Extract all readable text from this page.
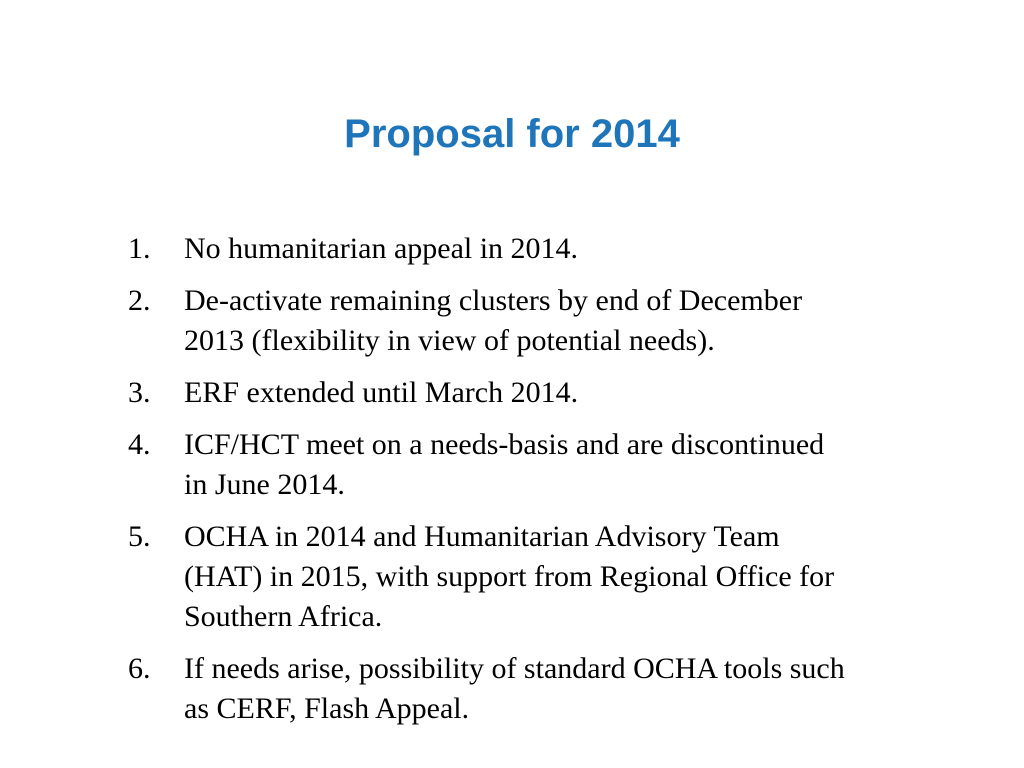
Proposal for 2014
1.	No humanitarian appeal in 2014.
2.	De-activate remaining clusters by end of December
2013 (flexibility in view of potential needs).
3.	ERF extended until March 2014.
4.	ICF/HCT meet on a needs-basis and are discontinued
in June 2014.
5.	OCHA in 2014 and Humanitarian Advisory Team
(HAT) in 2015, with support from Regional Office for
Southern Africa.
6.	If needs arise, possibility of standard OCHA tools such
as CERF, Flash Appeal.
